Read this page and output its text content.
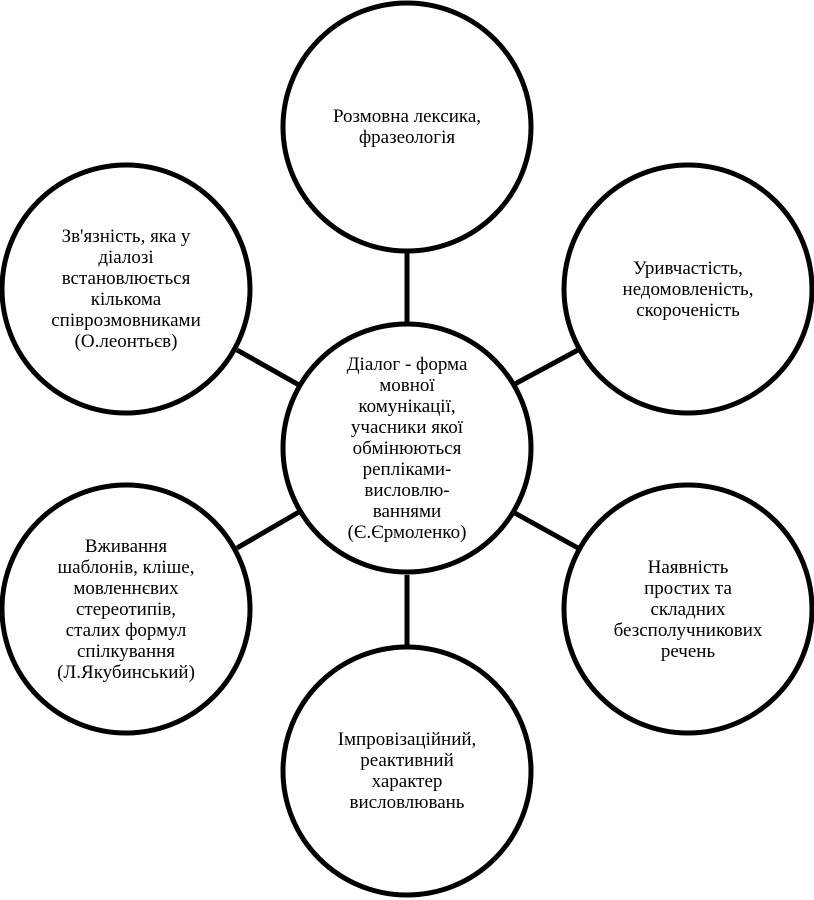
Діалог - форма
мовної
комунікації,
учасники якої
обмінюються
репліками-
висловлю-
ваннями
(Є.Єрмоленко)
Розмовна лексика,
фразеологія
Уривчастість,
недомовленість,
скороченість
Наявність
простих та
складних
безсполучникових
речень
Імпровізаційний,
реактивний
характер
висловлювань
Вживання
шаблонів, кліше,
мовленнєвих
стереотипів,
сталих формул
спілкування
(Л.Якубинський)
Зв'язність, яка у
діалозі
встановлюється
кількома
співрозмовниками
(О.леонтьєв)
